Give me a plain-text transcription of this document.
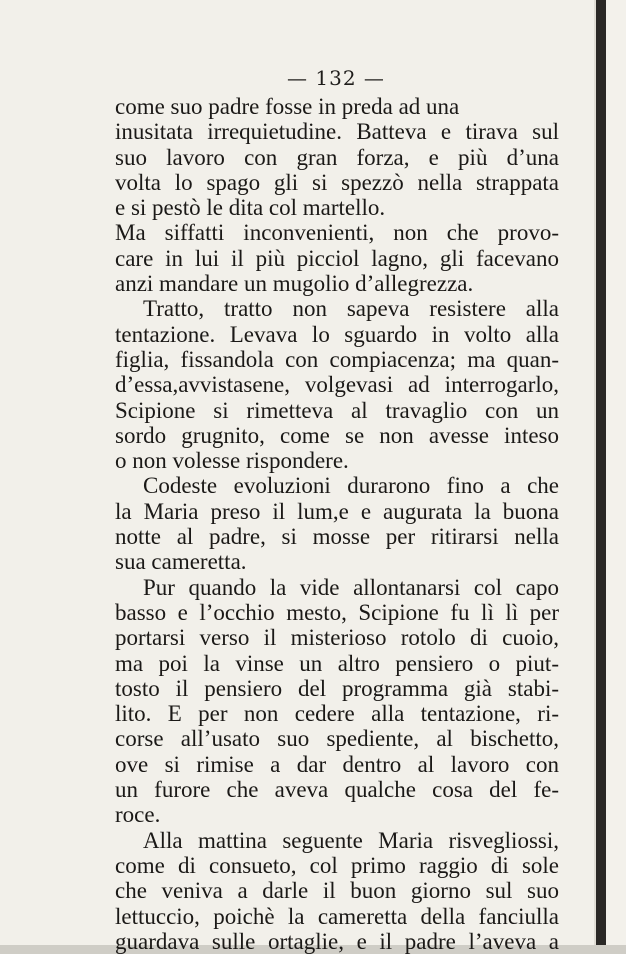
— 132 —
come suo padre fosse in preda ad una
inusitata irrequietudine. Batteva e tirava sul
suo lavoro con gran forza, e più d’una
volta lo spago gli si spezzò nella strappata
e si pestò le dita col martello.
Ma siffatti inconvenienti, non che provo-
care in lui il più picciol lagno, gli facevano
anzi mandare un mugolio d’allegrezza.
Tratto, tratto non sapeva resistere alla
tentazione. Levava lo sguardo in volto alla
figlia, fissandola con compiacenza; ma quan-
d’essa,avvistasene, volgevasi ad interrogarlo,
Scipione si rimetteva al travaglio con un
sordo grugnito, come se non avesse inteso
o non volesse rispondere.
Codeste evoluzioni durarono fino a che
la Maria preso il lum,e e augurata la buona
notte al padre, si mosse per ritirarsi nella
sua cameretta.
Pur quando la vide allontanarsi col capo
basso e l’occhio mesto, Scipione fu lì lì per
portarsi verso il misterioso rotolo di cuoio,
ma poi la vinse un altro pensiero o piut-
tosto il pensiero del programma già stabi-
lito. E per non cedere alla tentazione, ri-
corse all’usato suo spediente, al bischetto,
ove si rimise a dar dentro al lavoro con
un furore che aveva qualche cosa del fe-
roce.
Alla mattina seguente Maria risvegliossi,
come di consueto, col primo raggio di sole
che veniva a darle il buon giorno sul suo
lettuccio, poichè la cameretta della fanciulla
guardava sulle ortaglie, e il padre l’aveva a
